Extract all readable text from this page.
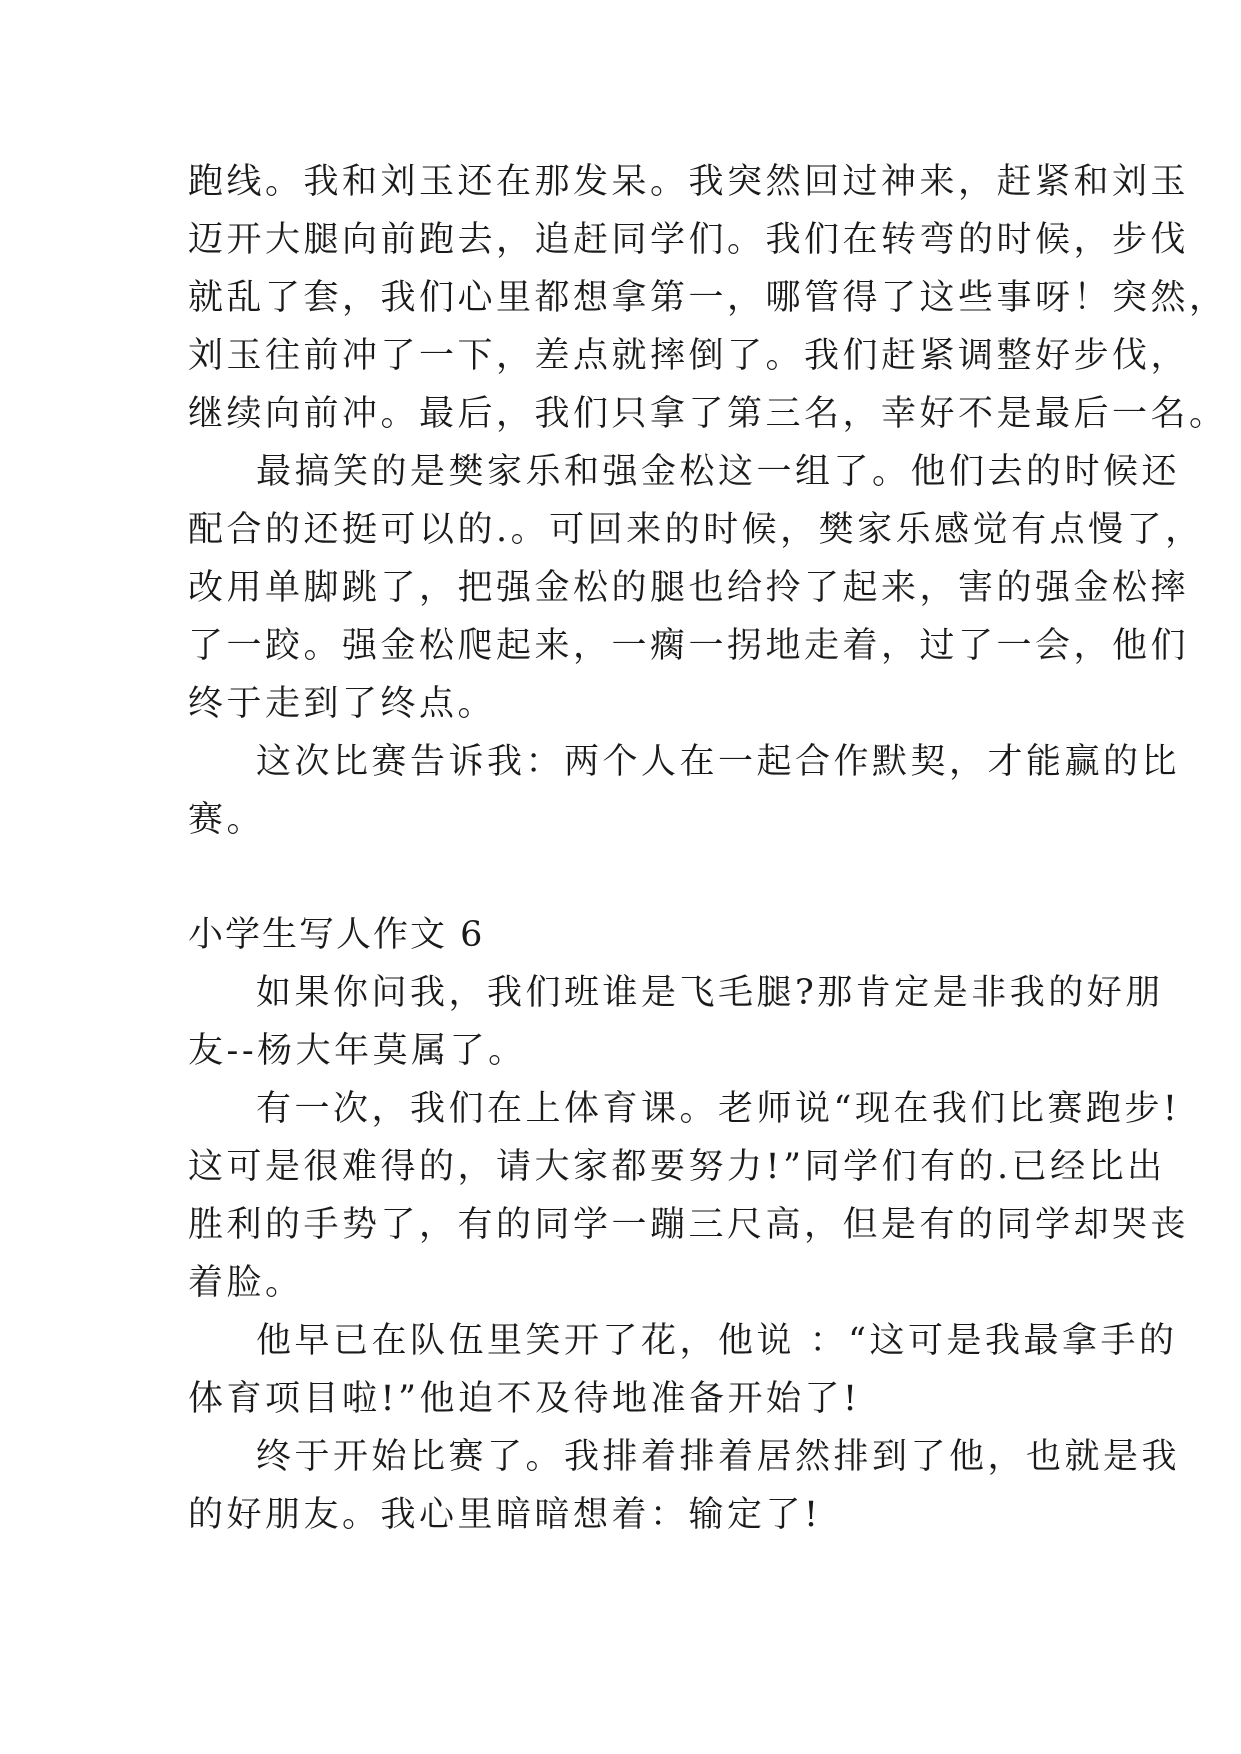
跑线。我和刘玉还在那发呆。我突然回过神来，赶紧和刘玉
迈开大腿向前跑去，追赶同学们。我们在转弯的时候，步伐
就乱了套，我们心里都想拿第一，哪管得了这些事呀！突然，
刘玉往前冲了一下，差点就摔倒了。我们赶紧调整好步伐，
继续向前冲。最后，我们只拿了第三名，幸好不是最后一名。
最搞笑的是樊家乐和强金松这一组了。他们去的时候还
配合的还挺可以的.。可回来的时候，樊家乐感觉有点慢了，
改用单脚跳了，把强金松的腿也给拎了起来，害的强金松摔
了一跤。强金松爬起来，一瘸一拐地走着，过了一会，他们
终于走到了终点。
这次比赛告诉我：两个人在一起合作默契，才能赢的比
赛。
小学生写人作文 6
如果你问我，我们班谁是飞毛腿?那肯定是非我的好朋
友--杨大年莫属了。
有一次，我们在上体育课。老师说“现在我们比赛跑步!
这可是很难得的，请大家都要努力!”同学们有的.已经比出
胜利的手势了，有的同学一蹦三尺高，但是有的同学却哭丧
着脸。
他早已在队伍里笑开了花，他说 ：“这可是我最拿手的
体育项目啦!”他迫不及待地准备开始了!
终于开始比赛了。我排着排着居然排到了他，也就是我
的好朋友。我心里暗暗想着：输定了!
